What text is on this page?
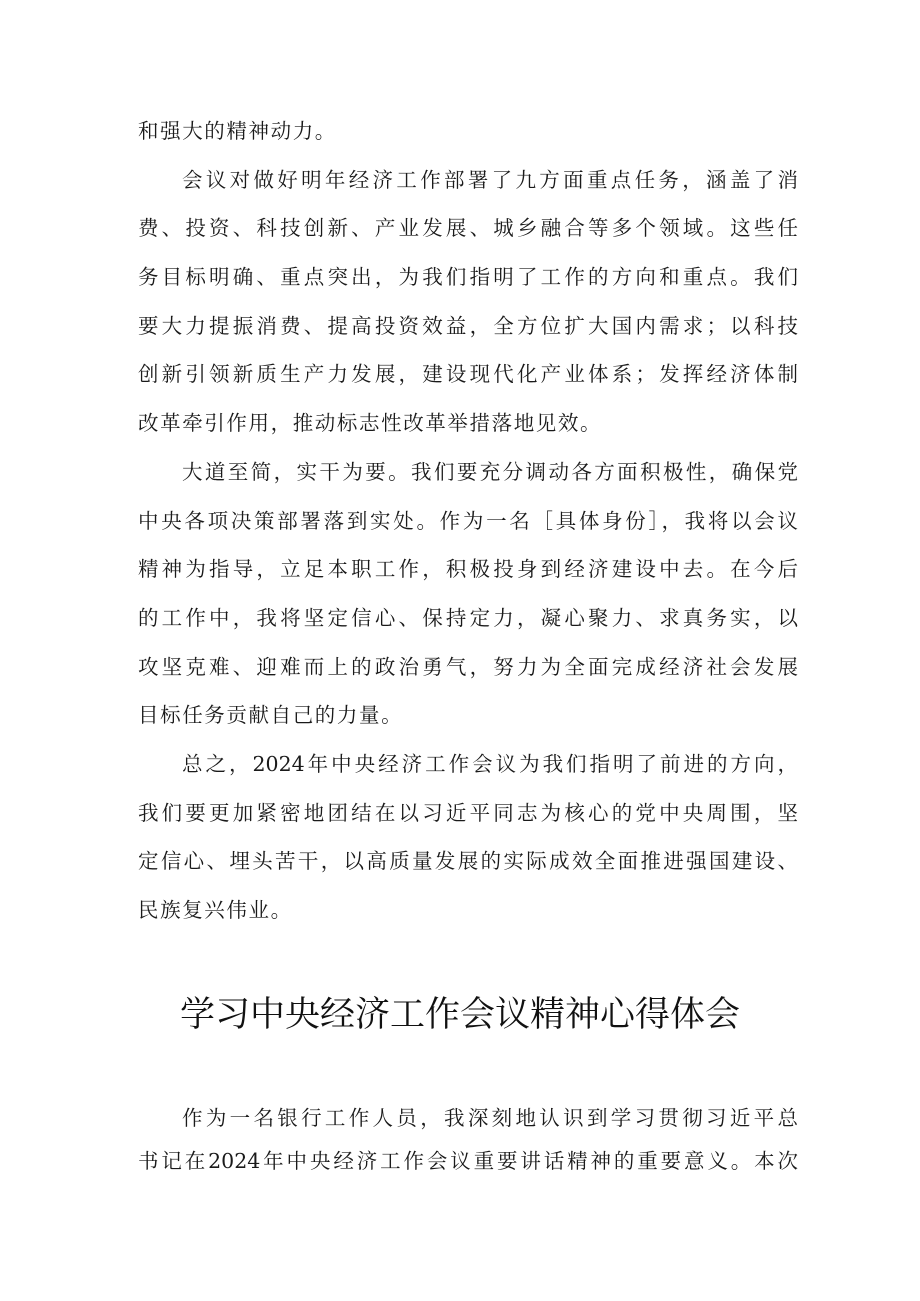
和强大的精神动力。
会议对做好明年经济工作部署了九方面重点任务，涵盖了消
费、投资、科技创新、产业发展、城乡融合等多个领域。这些任
务目标明确、重点突出，为我们指明了工作的方向和重点。我们
要大力提振消费、提高投资效益，全方位扩大国内需求；以科技
创新引领新质生产力发展，建设现代化产业体系；发挥经济体制
改革牵引作用，推动标志性改革举措落地见效。
大道至简，实干为要。我们要充分调动各方面积极性，确保党
中央各项决策部署落到实处。作为一名［具体身份］，我将以会议
精神为指导，立足本职工作，积极投身到经济建设中去。在今后
的工作中，我将坚定信心、保持定力，凝心聚力、求真务实，以
攻坚克难、迎难而上的政治勇气，努力为全面完成经济社会发展
目标任务贡献自己的力量。
总之，2024年中央经济工作会议为我们指明了前进的方向，
我们要更加紧密地团结在以习近平同志为核心的党中央周围，坚
定信心、埋头苦干，以高质量发展的实际成效全面推进强国建设、
民族复兴伟业。
学习中央经济工作会议精神心得体会
作为一名银行工作人员，我深刻地认识到学习贯彻习近平总
书记在2024年中央经济工作会议重要讲话精神的重要意义。本次
